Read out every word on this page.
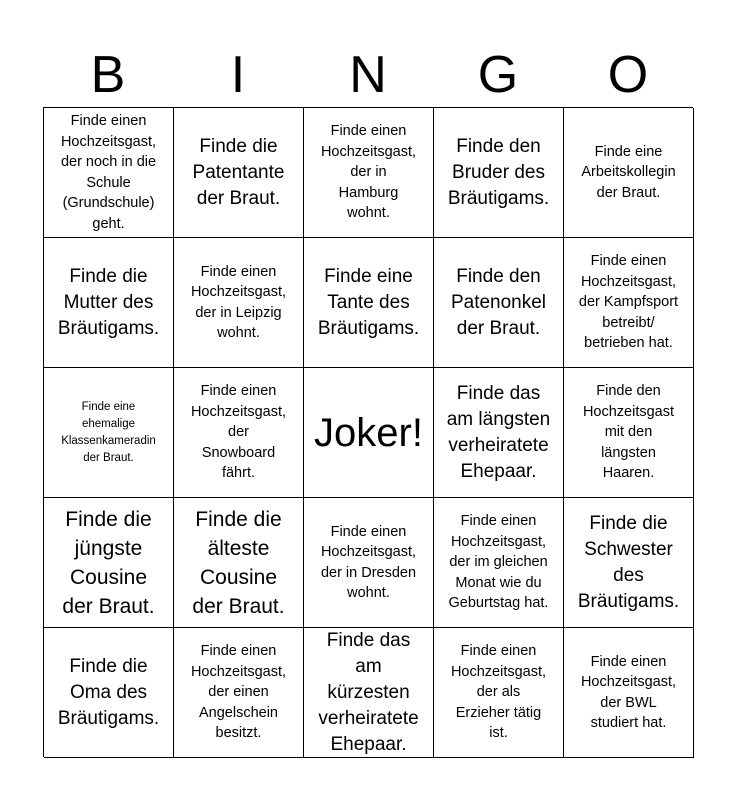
B	I	N	G	O
Finde einen
Hochzeitsgast,
der noch in die
Schule
(Grundschule)
geht.
Finde die
Patentante
der Braut.
Finde einen
Hochzeitsgast,
der in
Hamburg
wohnt.
Finde den
Bruder des
Bräutigams.
Finde eine
Arbeitskollegin
der Braut.
Finde die
Mutter des
Bräutigams.
Finde einen
Hochzeitsgast,
der in Leipzig
wohnt.
Finde eine
Tante des
Bräutigams.
Finde den
Patenonkel
der Braut.
Finde einen
Hochzeitsgast,
der Kampfsport
betreibt/
betrieben hat.
Finde eine
ehemalige
Klassenkameradin
der Braut.
Finde einen
Hochzeitsgast,
der
Snowboard
fährt.
Joker!
Finde das
am längsten
verheiratete
Ehepaar.
Finde den
Hochzeitsgast
mit den
längsten
Haaren.
Finde die
jüngste
Cousine
der Braut.
Finde die
älteste
Cousine
der Braut.
Finde einen
Hochzeitsgast,
der in Dresden
wohnt.
Finde einen
Hochzeitsgast,
der im gleichen
Monat wie du
Geburtstag hat.
Finde die
Schwester
des
Bräutigams.
Finde die
Oma des
Bräutigams.
Finde einen
Hochzeitsgast,
der einen
Angelschein
besitzt.
Finde das
am
kürzesten
verheiratete
Ehepaar.
Finde einen
Hochzeitsgast,
der als
Erzieher tätig
ist.
Finde einen
Hochzeitsgast,
der BWL
studiert hat.
